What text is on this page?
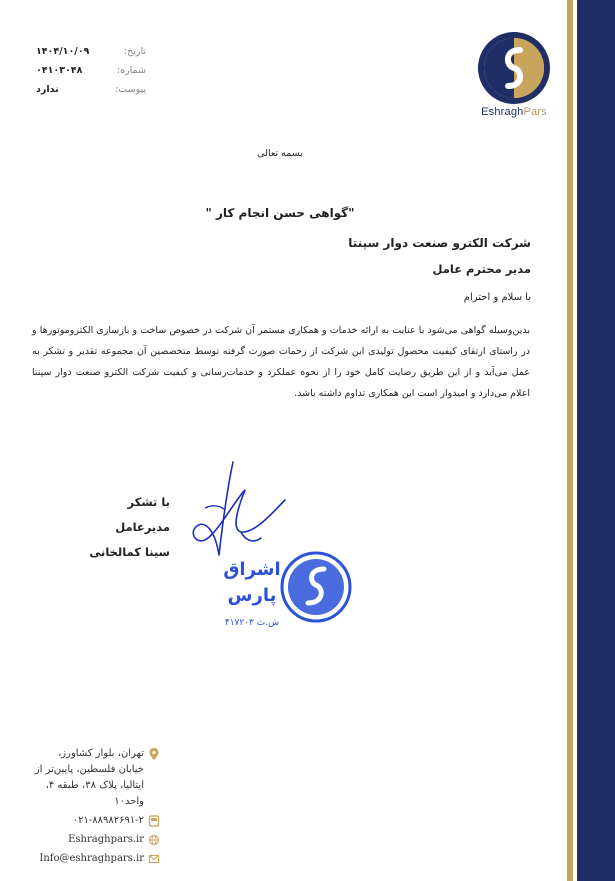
EshraghPars
تاریخ:
۱۴۰۴/۱۰/۰۹
شماره:
۰۴۱۰۳۰۴۸
پیوست:
ندارد
بسمه تعالی
" گواهی حسن انجام کار"
شرکت الکترو صنعت دوار سپنتا
مدیر محترم عامل
با سلام و احترام
بدین‌وسیله گواهی می‌شود با عنایت به ارائه خدمات و همکاری مستمر آن شرکت در خصوص ساخت و بازسازی الکتروموتورها و در راستای ارتقای کیفیت محصول تولیدی این شرکت از زحمات صورت گرفته توسط متخصصین آن مجموعه تقدیر و تشکر به عمل می‌آید و از این طریق رضایت کامل خود را از نحوه عملکرد و خدمات‌رسانی و کیفیت شرکت الکترو صنعت دوار سپنتا اعلام می‌دارد و امیدوار است این همکاری تداوم داشته باشد.
با تشکر
مدیرعامل
سینا کمالخانی
اشراق
پارس
ش.ث ۴۱۷۲۰۳
تهران، بلوار کشاورز، خیابان فلسطین، پایین‌تر از ایتالیا، پلاک ۳۸، طبقه ۴، واحد۱۰
۰۲۱-۸۸۹۸۲۶۹۱-۲
Eshraghpars.ir
Info@eshraghpars.ir
